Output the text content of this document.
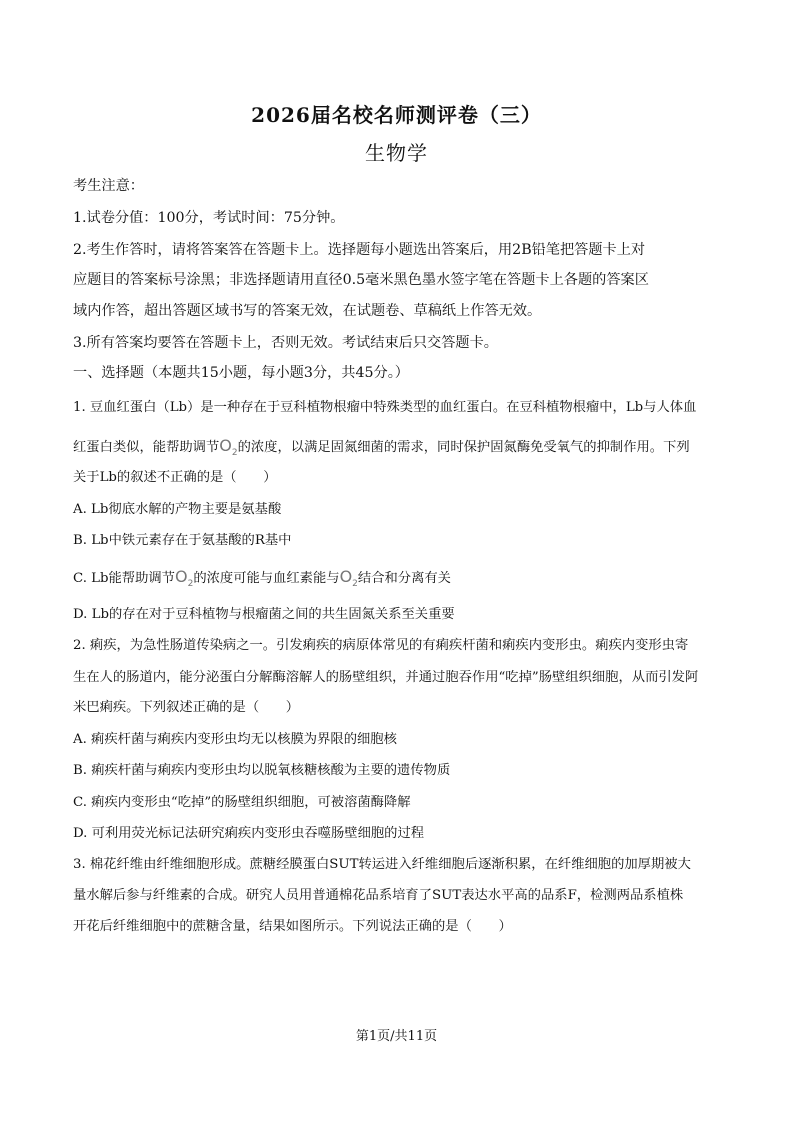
2026届名校名师测评卷（三）
生物学
考生注意：
1.试卷分值：100分，考试时间：75分钟。
2.考生作答时，请将答案答在答题卡上。选择题每小题选出答案后，用2B铅笔把答题卡上对
应题目的答案标号涂黑；非选择题请用直径0.5毫米黑色墨水签字笔在答题卡上各题的答案区
域内作答，超出答题区域书写的答案无效，在试题卷、草稿纸上作答无效。
3.所有答案均要答在答题卡上，否则无效。考试结束后只交答题卡。
一、选择题（本题共15小题，每小题3分，共45分。）
1. 豆血红蛋白（Lb）是一种存在于豆科植物根瘤中特殊类型的血红蛋白。在豆科植物根瘤中，Lb与人体血
红蛋白类似，能帮助调节$O_2$的浓度，以满足固氮细菌的需求，同时保护固氮酶免受氧气的抑制作用。下列
关于Lb的叙述不正确的是（　　）
A. Lb彻底水解的产物主要是氨基酸
B. Lb中铁元素存在于氨基酸的R基中
C. Lb能帮助调节$O_2$的浓度可能与血红素能与$O_2$结合和分离有关
D. Lb的存在对于豆科植物与根瘤菌之间的共生固氮关系至关重要
2. 痢疾，为急性肠道传染病之一。引发痢疾的病原体常见的有痢疾杆菌和痢疾内变形虫。痢疾内变形虫寄
生在人的肠道内，能分泌蛋白分解酶溶解人的肠壁组织，并通过胞吞作用“吃掉”肠壁组织细胞，从而引发阿
米巴痢疾。下列叙述正确的是（　　）
A. 痢疾杆菌与痢疾内变形虫均无以核膜为界限的细胞核
B. 痢疾杆菌与痢疾内变形虫均以脱氧核糖核酸为主要的遗传物质
C. 痢疾内变形虫“吃掉”的肠壁组织细胞，可被溶菌酶降解
D. 可利用荧光标记法研究痢疾内变形虫吞噬肠壁细胞的过程
3. 棉花纤维由纤维细胞形成。蔗糖经膜蛋白SUT转运进入纤维细胞后逐渐积累，在纤维细胞的加厚期被大
量水解后参与纤维素的合成。研究人员用普通棉花品系培育了SUT表达水平高的品系F，检测两品系植株
开花后纤维细胞中的蔗糖含量，结果如图所示。下列说法正确的是（　　）
第1页/共11页
